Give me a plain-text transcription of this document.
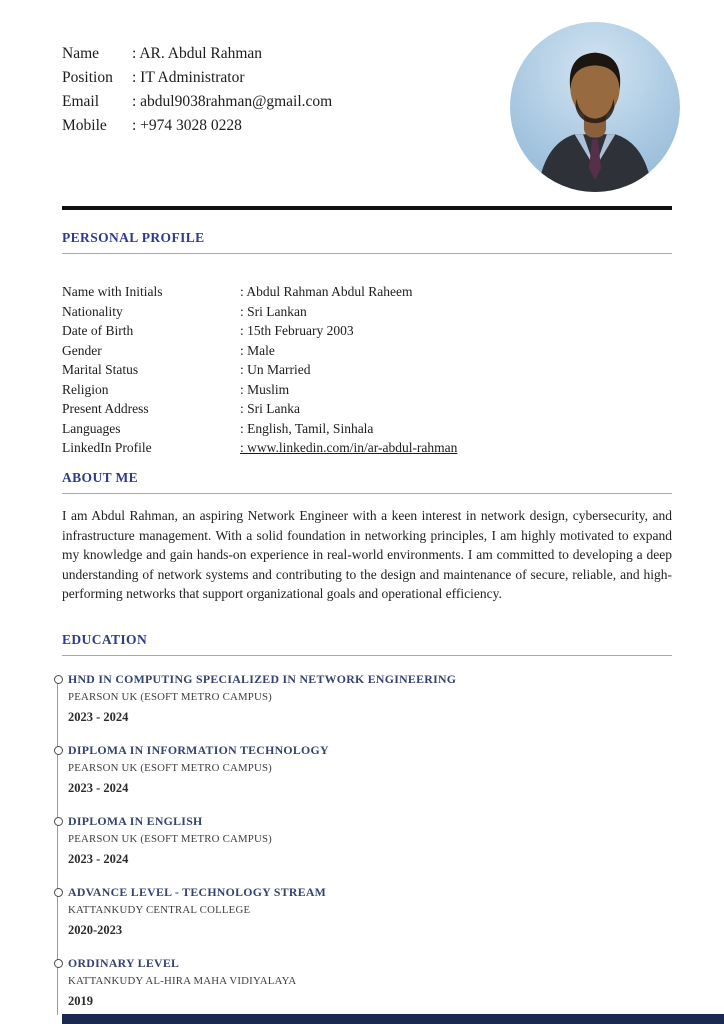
Name	: AR. Abdul Rahman
Position	: IT Administrator
Email	: abdul9038rahman@gmail.com
Mobile	: +974 3028 0228
PERSONAL PROFILE
Name with Initials	: Abdul Rahman Abdul Raheem
Nationality	: Sri Lankan
Date of Birth	: 15th February 2003
Gender	: Male
Marital Status	: Un Married
Religion	: Muslim
Present Address	: Sri Lanka
Languages	: English, Tamil, Sinhala
LinkedIn Profile	: www.linkedin.com/in/ar-abdul-rahman
ABOUT ME

I am Abdul Rahman, an aspiring Network Engineer with a keen interest in network design, cybersecurity, and infrastructure management. With a solid foundation in networking principles, I am highly motivated to expand my knowledge and gain hands-on experience in real-world environments. I am committed to developing a deep understanding of network systems and contributing to the design and maintenance of secure, reliable, and high-performing networks that support organizational goals and operational efficiency.

EDUCATION
HND IN COMPUTING SPECIALIZED IN NETWORK ENGINEERING
PEARSON UK (ESOFT METRO CAMPUS)
2023 - 2024
DIPLOMA IN INFORMATION TECHNOLOGY
PEARSON UK (ESOFT METRO CAMPUS)
2023 - 2024
DIPLOMA IN ENGLISH
PEARSON UK (ESOFT METRO CAMPUS)
2023 - 2024
ADVANCE LEVEL - TECHNOLOGY STREAM
KATTANKUDY CENTRAL COLLEGE
2020-2023
ORDINARY LEVEL
KATTANKUDY AL-HIRA MAHA VIDIYALAYA
2019
